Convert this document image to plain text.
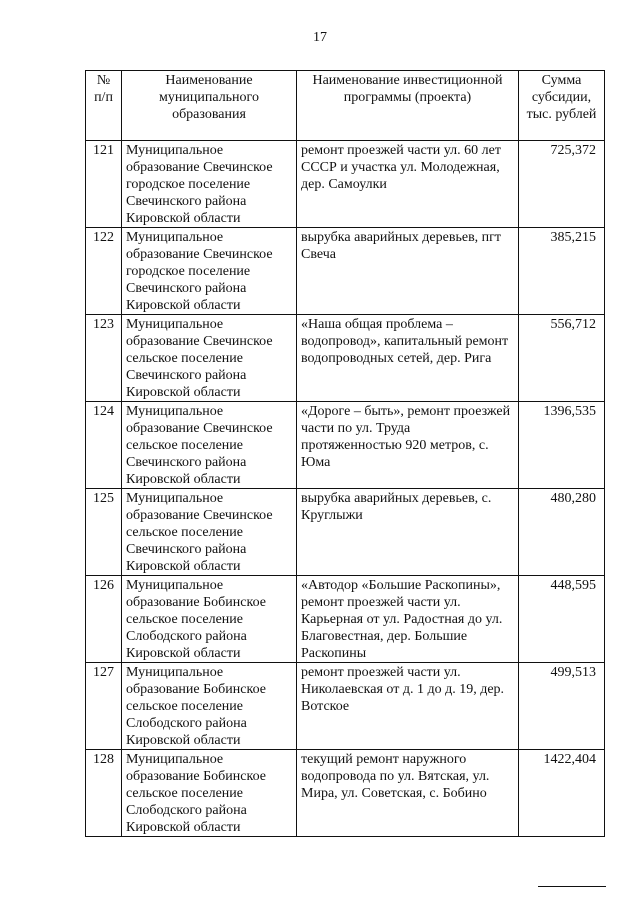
17
№ п/п	Наименование муниципального образования	Наименование инвестиционной программы (проекта)	Сумма субсидии, тыс. рублей
121	Муниципальное образование Свечинское городское поселение Свечинского района Кировской области	ремонт проезжей части ул. 60 лет СССР и участка ул. Молодежная, дер. Самоулки	725,372
122	Муниципальное образование Свечинское городское поселение Свечинского района Кировской области	вырубка аварийных деревьев, пгт Свеча	385,215
123	Муниципальное образование Свечинское сельское поселение Свечинского района Кировской области	«Наша общая проблема – водопровод», капитальный ремонт водопроводных сетей, дер. Рига	556,712
124	Муниципальное образование Свечинское сельское поселение Свечинского района Кировской области	«Дороге – быть», ремонт проезжей части по ул. Труда протяженностью 920 метров, с. Юма	1396,535
125	Муниципальное образование Свечинское сельское поселение Свечинского района Кировской области	вырубка аварийных деревьев, с. Круглыжи	480,280
126	Муниципальное образование Бобинское сельское поселение Слободского района Кировской области	«Автодор «Большие Раскопины», ремонт проезжей части ул. Карьерная от ул. Радостная до ул. Благовестная, дер. Большие Раскопины	448,595
127	Муниципальное образование Бобинское сельское поселение Слободского района Кировской области	ремонт проезжей части ул. Николаевская от д. 1 до д. 19, дер. Вотское	499,513
128	Муниципальное образование Бобинское сельское поселение Слободского района Кировской области	текущий ремонт наружного водопровода по ул. Вятская, ул. Мира, ул. Советская, с. Бобино	1422,404
